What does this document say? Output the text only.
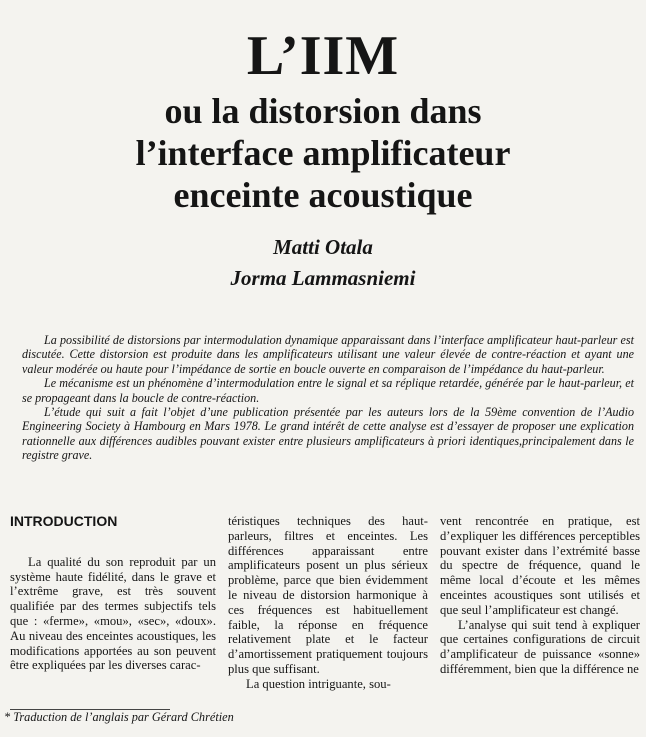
L’IIM
ou la distorsion dans
l’interface amplificateur
enceinte acoustique
Matti Otala
Jorma Lammasniemi

La possibilité de distorsions par intermodulation dynamique apparaissant dans l’interface amplificateur haut-parleur est discutée. Cette distorsion est produite dans les amplificateurs utilisant une valeur élevée de contre-réaction et ayant une valeur modérée ou haute pour l’impédance de sortie en boucle ouverte en comparaison de l’impédance du haut-parleur.

Le mécanisme est un phénomène d’intermodulation entre le signal et sa réplique retardée, générée par le haut-parleur, et se propageant dans la boucle de contre-réaction.

L’étude qui suit a fait l’objet d’une publication présentée par les auteurs lors de la 59ème convention de l’Audio Engineering Society à Hambourg en Mars 1978. Le grand intérêt de cette analyse est d’essayer de proposer une explication rationnelle aux différences audibles pouvant exister entre plusieurs amplificateurs à priori identiques,principalement dans le registre grave.

INTRODUCTION

La qualité du son reproduit par un système haute fidélité, dans le grave et l’extrême grave, est très souvent qualifiée par des termes subjectifs tels que : «ferme», «mou», «sec», «doux». Au niveau des enceintes acoustiques, les modifications apportées au son peuvent être expliquées par les diverses carac-

téristiques techniques des haut-parleurs, filtres et enceintes. Les différences apparaissant entre amplificateurs posent un plus sérieux problème, parce que bien évidemment le niveau de distorsion harmonique à ces fréquences est habituellement faible, la réponse en fréquence relativement plate et le facteur d’amortissement pratiquement toujours plus que suffisant.

La question intriguante, sou-

vent rencontrée en pratique, est d’expliquer les différences perceptibles pouvant exister dans l’extrémité basse du spectre de fréquence, quand le même local d’écoute et les mêmes enceintes acoustiques sont utilisés et que seul l’amplificateur est changé.

L’analyse qui suit tend à expliquer que certaines configurations de circuit d’amplificateur de puissance «sonne» différemment, bien que la différence ne

* Traduction de l’anglais par Gérard Chrétien
